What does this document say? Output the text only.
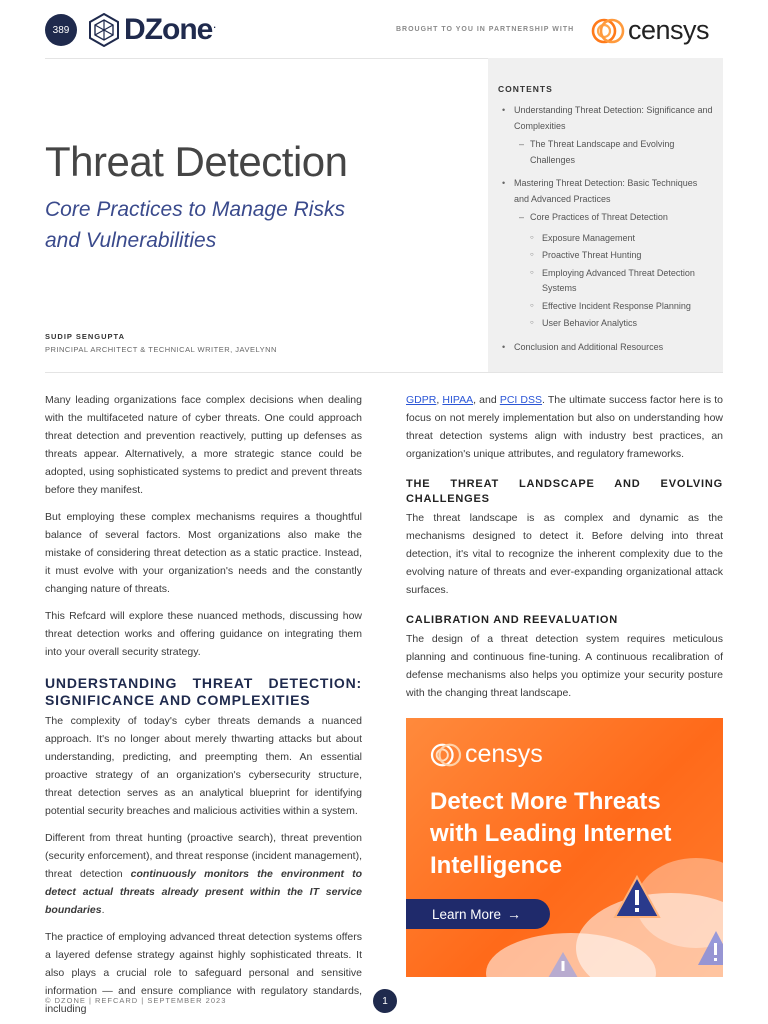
389 DZone.	BROUGHT TO YOU IN PARTNERSHIP WITH censys
Threat Detection
Core Practices to Manage Risks and Vulnerabilities
SUDIP SENGUPTA
PRINCIPAL ARCHITECT & TECHNICAL WRITER, JAVELYNN
CONTENTS
• Understanding Threat Detection: Significance and Complexities
– The Threat Landscape and Evolving Challenges
• Mastering Threat Detection: Basic Techniques and Advanced Practices
– Core Practices of Threat Detection
○ Exposure Management
○ Proactive Threat Hunting
○ Employing Advanced Threat Detection Systems
○ Effective Incident Response Planning
○ User Behavior Analytics
• Conclusion and Additional Resources

Many leading organizations face complex decisions when dealing with the multifaceted nature of cyber threats. One could approach threat detection and prevention reactively, putting up defenses as threats appear. Alternatively, a more strategic stance could be adopted, using sophisticated systems to predict and prevent threats before they manifest.

But employing these complex mechanisms requires a thoughtful balance of several factors. Most organizations also make the mistake of considering threat detection as a static practice. Instead, it must evolve with your organization's needs and the constantly changing nature of threats.

This Refcard will explore these nuanced methods, discussing how threat detection works and offering guidance on integrating them into your overall security strategy.

UNDERSTANDING THREAT DETECTION: SIGNIFICANCE AND COMPLEXITIES

The complexity of today's cyber threats demands a nuanced approach. It's no longer about merely thwarting attacks but about understanding, predicting, and preempting them. An essential proactive strategy of an organization's cybersecurity structure, threat detection serves as an analytical blueprint for identifying potential security breaches and malicious activities within a system.

Different from threat hunting (proactive search), threat prevention (security enforcement), and threat response (incident management), threat detection continuously monitors the environment to detect actual threats already present within the IT service boundaries.

The practice of employing advanced threat detection systems offers a layered defense strategy against highly sophisticated threats. It also plays a crucial role to safeguard personal and sensitive information — and ensure compliance with regulatory standards, including

GDPR, HIPAA, and PCI DSS. The ultimate success factor here is to focus on not merely implementation but also on understanding how threat detection systems align with industry best practices, an organization's unique attributes, and regulatory frameworks.

THE THREAT LANDSCAPE AND EVOLVING CHALLENGES

The threat landscape is as complex and dynamic as the mechanisms designed to detect it. Before delving into threat detection, it's vital to recognize the inherent complexity due to the evolving nature of threats and ever-expanding organizational attack surfaces.

CALIBRATION AND REEVALUATION

The design of a threat detection system requires meticulous planning and continuous fine-tuning. A continuous recalibration of defense mechanisms also helps you optimize your security posture with the changing threat landscape.

censys
Detect More Threats with Leading Internet Intelligence
Learn More →
© DZONE | REFCARD | SEPTEMBER 2023	1
